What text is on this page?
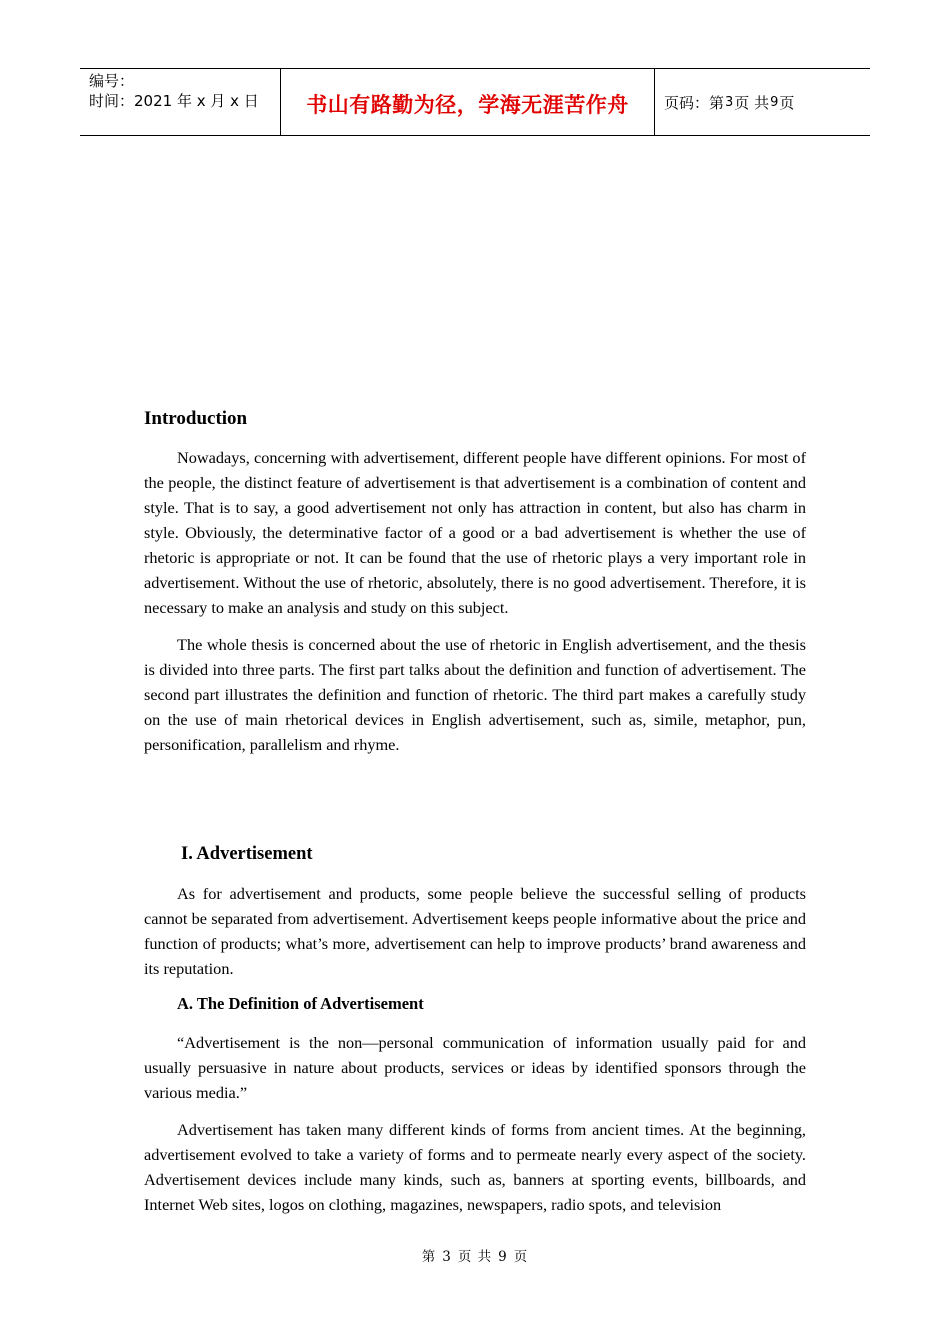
编号：
时间：2021 年 x 月 x 日	书山有路勤为径，学海无涯苦作舟 页码：第 3 页 共 9 页
Introduction

Nowadays, concerning with advertisement, different people have different opinions. For most of the people, the distinct feature of advertisement is that advertisement is a combination of content and style. That is to say, a good advertisement not only has attraction in content, but also has charm in style. Obviously, the determinative factor of a good or a bad advertisement is whether the use of rhetoric is appropriate or not. It can be found that the use of rhetoric plays a very important role in advertisement. Without the use of rhetoric, absolutely, there is no good advertisement. Therefore, it is necessary to make an analysis and study on this subject.

The whole thesis is concerned about the use of rhetoric in English advertisement, and the thesis is divided into three parts. The first part talks about the definition and function of advertisement. The second part illustrates the definition and function of rhetoric. The third part makes a carefully study on the use of main rhetorical devices in English advertisement, such as, simile, metaphor, pun, personification, parallelism and rhyme.

I. Advertisement

As for advertisement and products, some people believe the successful selling of products cannot be separated from advertisement. Advertisement keeps people informative about the price and function of products; what’s more, advertisement can help to improve products’ brand awareness and its reputation.

A. The Definition of Advertisement

“Advertisement is the non—personal communication of information usually paid for and usually persuasive in nature about products, services or ideas by identified sponsors through the various media.”

Advertisement has taken many different kinds of forms from ancient times. At the beginning, advertisement evolved to take a variety of forms and to permeate nearly every aspect of the society. Advertisement devices include many kinds, such as, banners at sporting events, billboards, and Internet Web sites, logos on clothing, magazines, newspapers, radio spots, and television

第 3 页 共 9 页
